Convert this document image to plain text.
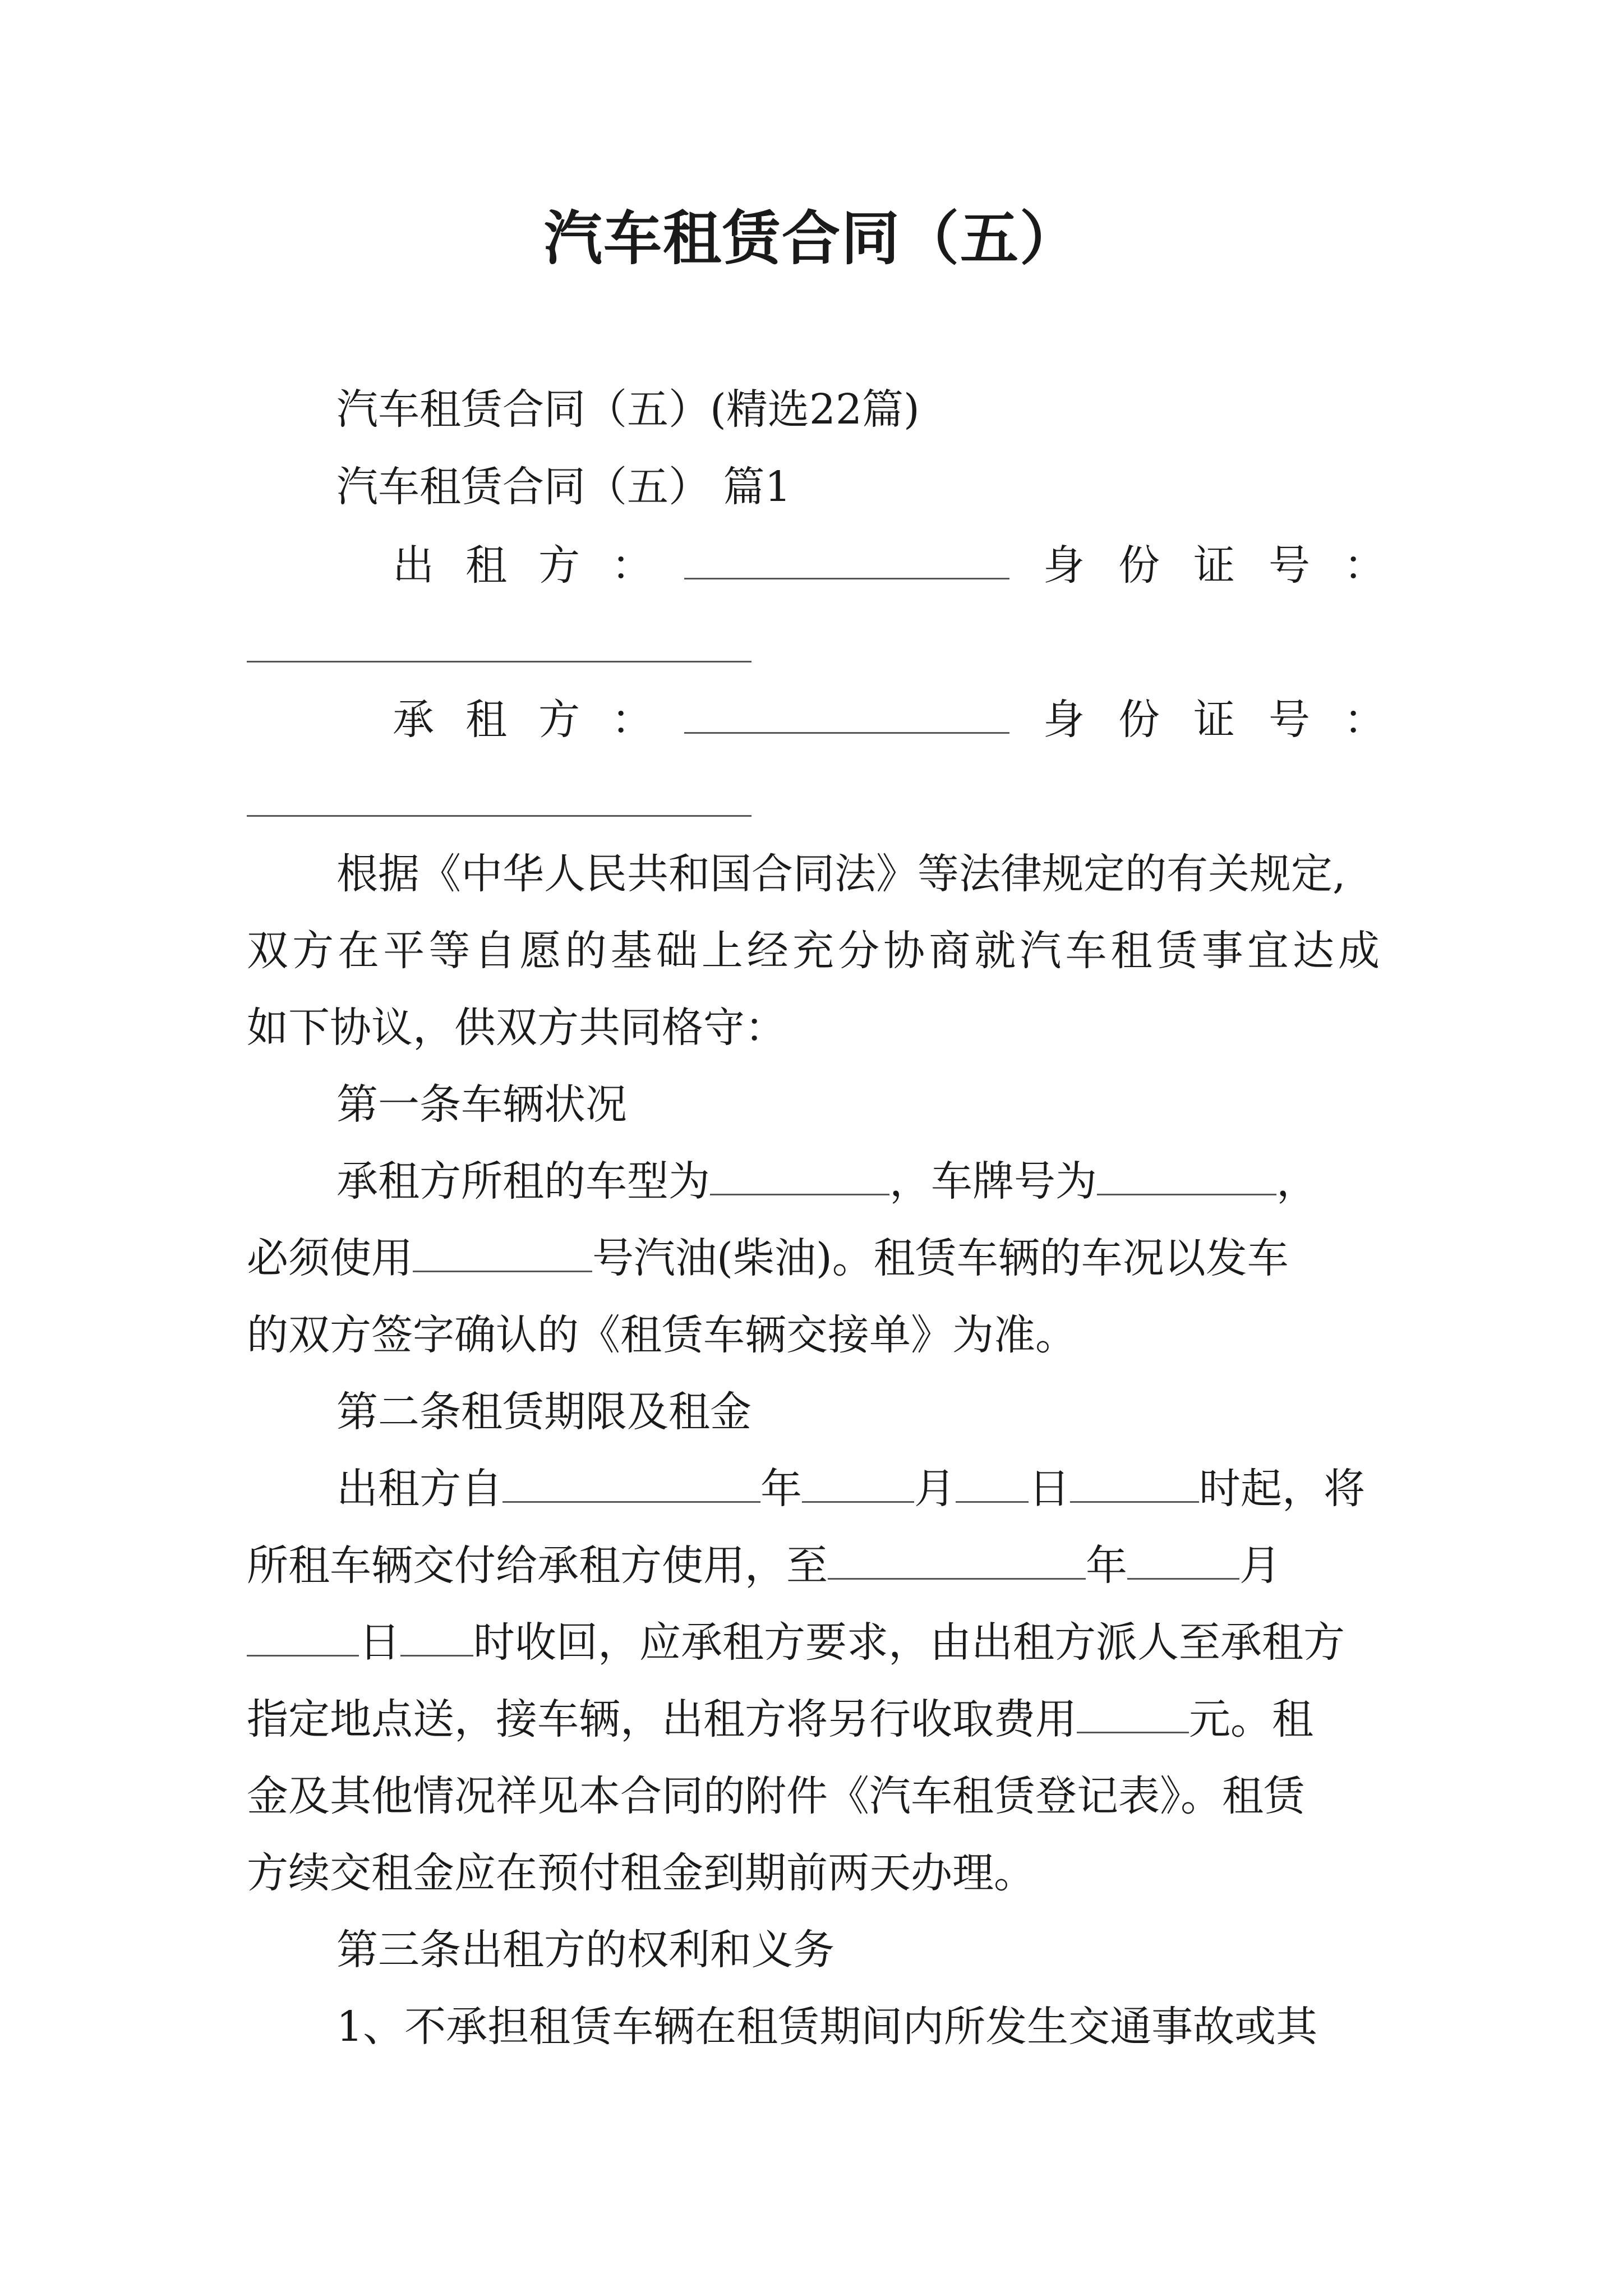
汽车租赁合同（五）
汽车租赁合同（五）(精选22篇)
汽车租赁合同（五） 篇1
出租方：	身份证号：
承租方：	身份证号：
根据《中华人民共和国合同法》等法律规定的有关规定,
双方在平等自愿的基础上经充分协商就汽车租赁事宜达成
如下协议，供双方共同格守：
第一条车辆状况
承租方所租的车型为	，车牌号为	，
必须使用	号汽油(柴油)。租赁车辆的车况以发车
的双方签字确认的《租赁车辆交接单》为准。
第二条租赁期限及租金
出租方自	年	月 日	时起，将
所租车辆交付给承租方使用，至	年	月
日 时收回，应承租方要求，由出租方派人至承租方
指定地点送，接车辆，出租方将另行收取费用	元。租
金及其他情况祥见本合同的附件《汽车租赁登记表》。租赁
方续交租金应在预付租金到期前两天办理。
第三条出租方的权利和义务
1、不承担租赁车辆在租赁期间内所发生交通事故或其
